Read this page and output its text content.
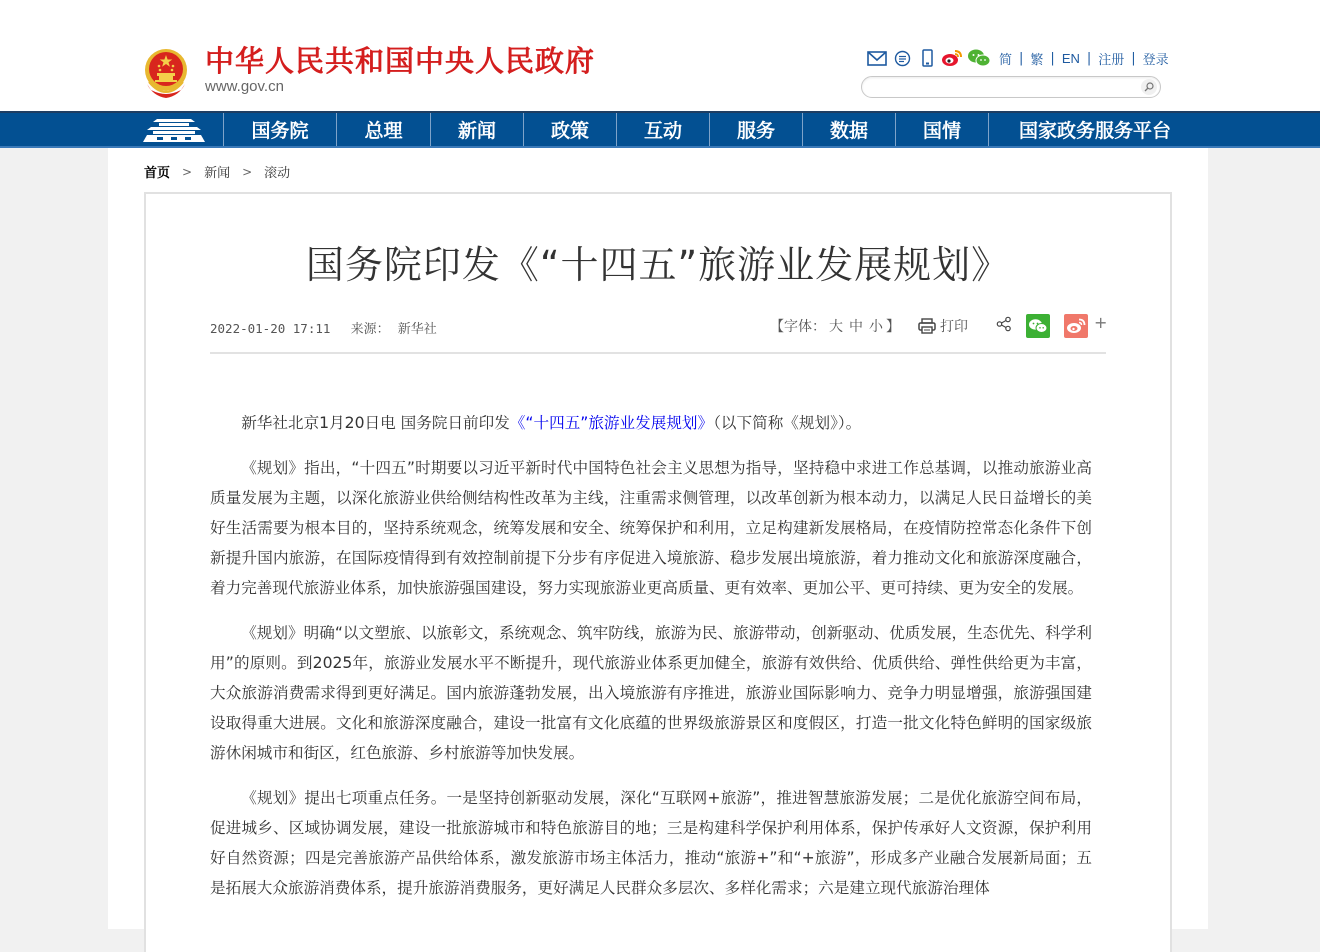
中华人民共和国中央人民政府
www.gov.cn
简 | 繁 | EN | 注册 | 登录
国务院	总理	新闻	政策	互动	服务	数据	国情	国家政务服务平台
首页 > 新闻 > 滚动
国务院印发《“十四五”旅游业发展规划》
2022-01-20 17:11 来源： 新华社	【字体： 大 中 小 】	打印	+

新华社北京1月20日电 国务院日前印发《“十四五”旅游业发展规划》（以下简称《规划》）。

《规划》指出，“十四五”时期要以习近平新时代中国特色社会主义思想为指导，坚持稳中求进工作总基调，以推动旅游业高质量发展为主题，以深化旅游业供给侧结构性改革为主线，注重需求侧管理，以改革创新为根本动力，以满足人民日益增长的美好生活需要为根本目的，坚持系统观念，统筹发展和安全、统筹保护和利用，立足构建新发展格局，在疫情防控常态化条件下创新提升国内旅游，在国际疫情得到有效控制前提下分步有序促进入境旅游、稳步发展出境旅游，着力推动文化和旅游深度融合，着力完善现代旅游业体系，加快旅游强国建设，努力实现旅游业更高质量、更有效率、更加公平、更可持续、更为安全的发展。

《规划》明确“以文塑旅、以旅彰文，系统观念、筑牢防线，旅游为民、旅游带动，创新驱动、优质发展，生态优先、科学利用”的原则。到2025年，旅游业发展水平不断提升，现代旅游业体系更加健全，旅游有效供给、优质供给、弹性供给更为丰富，大众旅游消费需求得到更好满足。国内旅游蓬勃发展，出入境旅游有序推进，旅游业国际影响力、竞争力明显增强，旅游强国建设取得重大进展。文化和旅游深度融合，建设一批富有文化底蕴的世界级旅游景区和度假区，打造一批文化特色鲜明的国家级旅游休闲城市和街区，红色旅游、乡村旅游等加快发展。

《规划》提出七项重点任务。一是坚持创新驱动发展，深化“互联网+旅游”，推进智慧旅游发展；二是优化旅游空间布局，促进城乡、区域协调发展，建设一批旅游城市和特色旅游目的地；三是构建科学保护利用体系，保护传承好人文资源，保护利用好自然资源；四是完善旅游产品供给体系，激发旅游市场主体活力，推动“旅游+”和“+旅游”，形成多产业融合发展新局面；五是拓展大众旅游消费体系，提升旅游消费服务，更好满足人民群众多层次、多样化需求；六是建立现代旅游治理体
